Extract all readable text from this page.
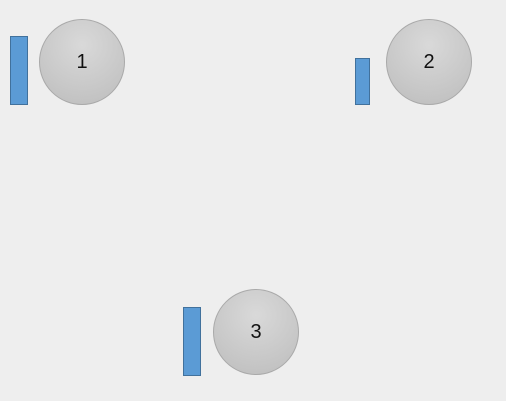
1	2
3
